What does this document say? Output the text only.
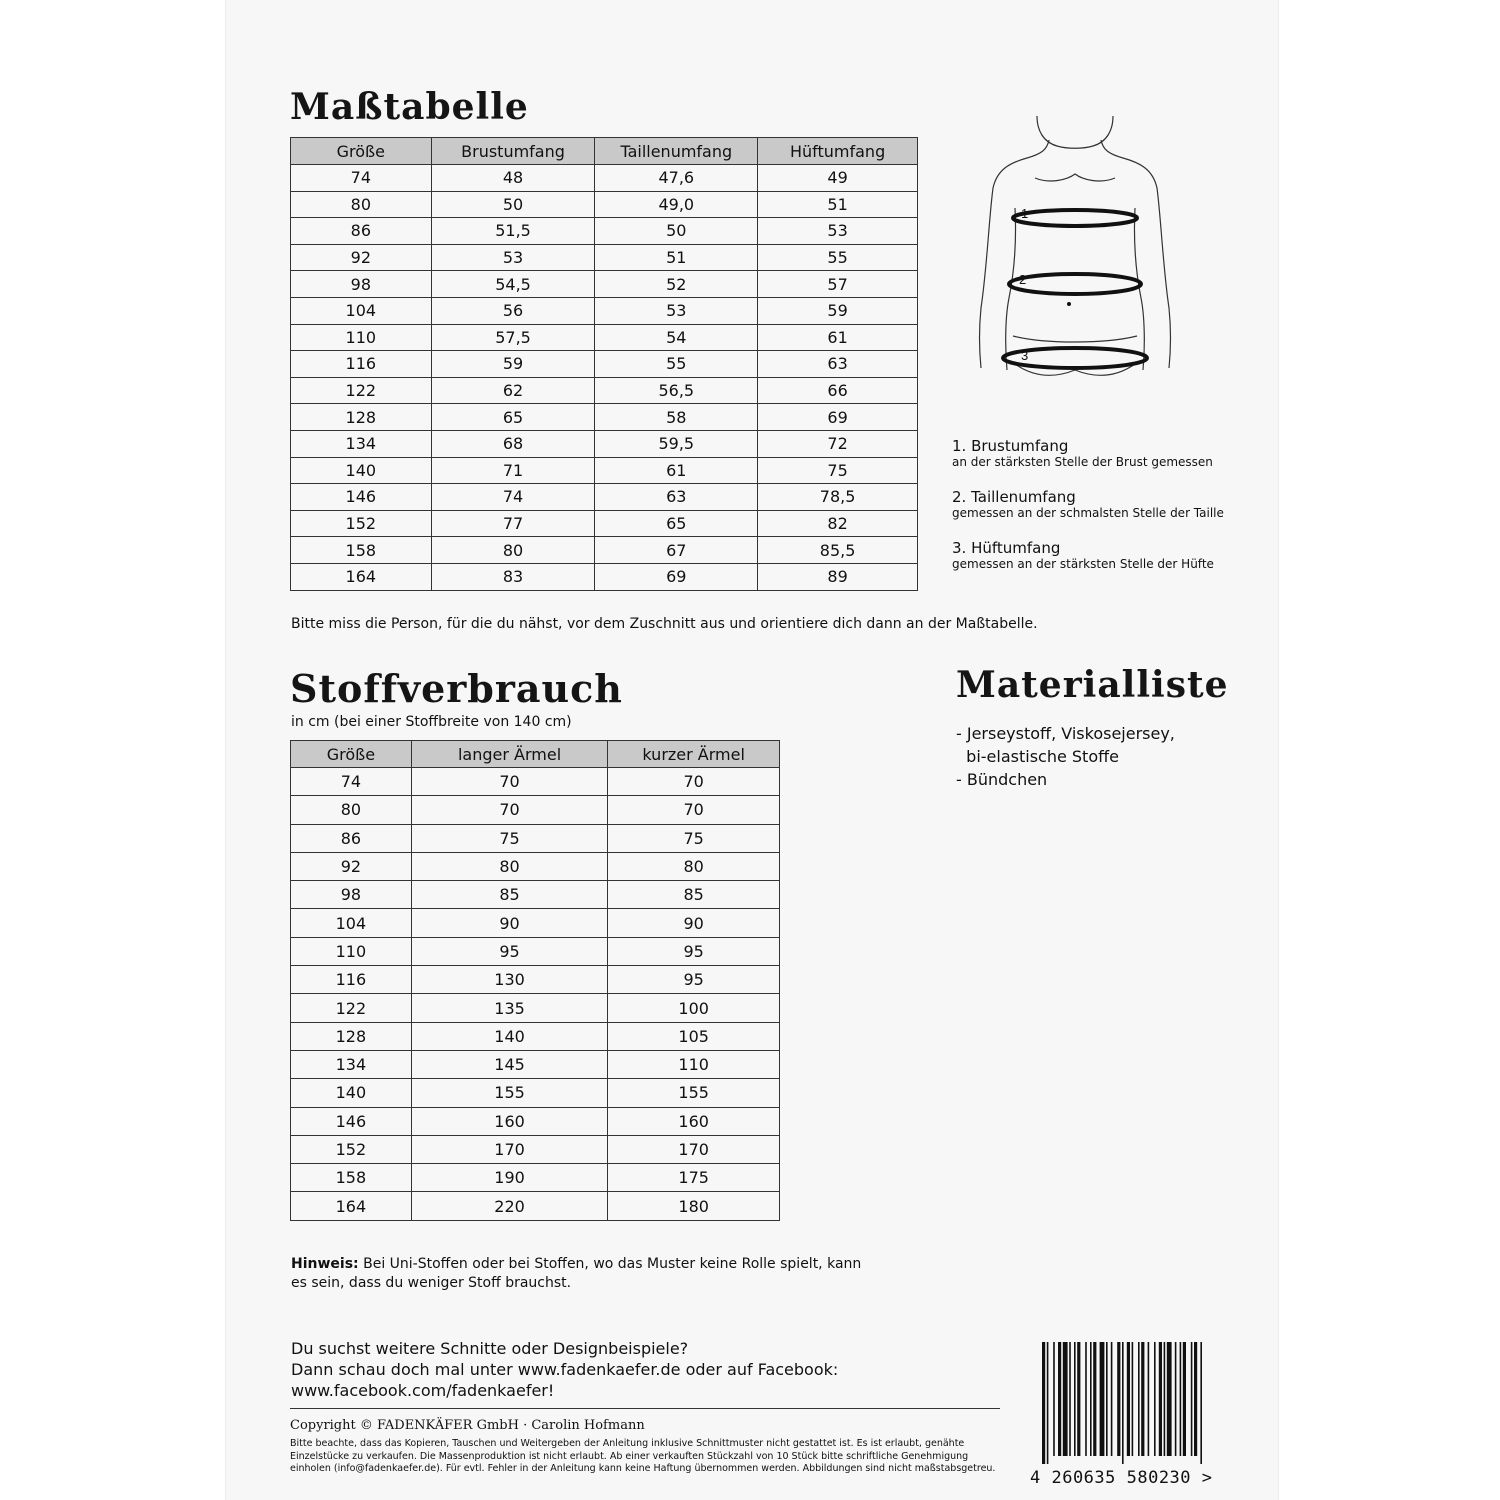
Maßtabelle
Größe	Brustumfang	Taillenumfang	Hüftumfang
74	48	47,6	49
80	50	49,0	51
86	51,5	50	53
92	53	51	55
98	54,5	52	57
104	56	53	59
110	57,5	54	61
116	59	55	63
122	62	56,5	66
128	65	58	69
134	68	59,5	72
140	71	61	75
146	74	63	78,5
152	77	65	82
158	80	67	85,5
164	83	69	89
Bitte miss die Person, für die du nähst, vor dem Zuschnitt aus und orientiere dich dann an der Maßtabelle.
1
2
3
1. Brustumfang
an der stärksten Stelle der Brust gemessen
2. Taillenumfang
gemessen an der schmalsten Stelle der Taille
3. Hüftumfang
gemessen an der stärksten Stelle der Hüfte
Stoffverbrauch
in cm (bei einer Stoffbreite von 140 cm)
Größe	langer Ärmel	kurzer Ärmel
74	70	70
80	70	70
86	75	75
92	80	80
98	85	85
104	90	90
110	95	95
116	130	95
122	135	100
128	140	105
134	145	110
140	155	155
146	160	160
152	170	170
158	190	175
164	220	180
Hinweis: Bei Uni-Stoffen oder bei Stoffen, wo das Muster keine Rolle spielt, kann
es sein, dass du weniger Stoff brauchst.
Materialliste
- Jerseystoff, Viskosejersey,
bi-elastische Stoffe
- Bündchen
Du suchst weitere Schnitte oder Designbeispiele?
Dann schau doch mal unter www.fadenkaefer.de oder auf Facebook:
www.facebook.com/fadenkaefer!
Copyright © FADENKÄFER GmbH · Carolin Hofmann
Bitte beachte, dass das Kopieren, Tauschen und Weitergeben der Anleitung inklusive Schnittmuster nicht gestattet ist. Es ist erlaubt, genähte Einzelstücke zu verkaufen. Die Massenproduktion ist nicht erlaubt. Ab einer verkauften Stückzahl von 10 Stück bitte schriftliche Genehmigung einholen (info@fadenkaefer.de). Für evtl. Fehler in der Anleitung kann keine Haftung übernommen werden. Abbildungen sind nicht maßstabsgetreu. 4 260635 580230 >
